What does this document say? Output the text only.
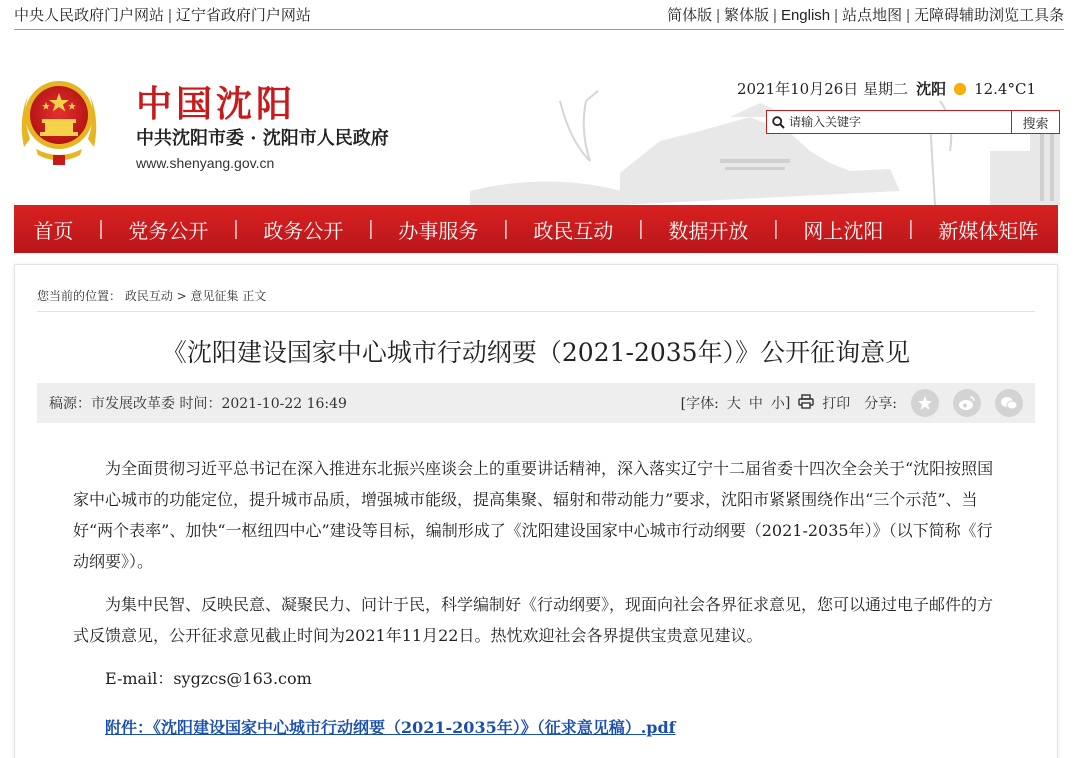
中央人民政府门户网站 | 辽宁省政府门户网站	简体版 | 繁体版 | English | 站点地图 | 无障碍辅助浏览工具条
中国沈阳
中共沈阳市委 · 沈阳市人民政府
www.shenyang.gov.cn
2021年10月26日 星期二 沈阳 12.4°C1
请输入关键字
搜索
首页	|	党务公开	|	政务公开	|	办事服务	|	政民互动	|	数据开放	|	网上沈阳	|	新媒体矩阵
您当前的位置： 政民互动 > 意见征集 正文
《沈阳建设国家中心城市行动纲要（2021-2035年）》公开征询意见
稿源：市发展改革委 时间：2021-10-22 16:49	[字体: 大 中 小 ] 打印 分享:

为全面贯彻习近平总书记在深入推进东北振兴座谈会上的重要讲话精神，深入落实辽宁十二届省委十四次全会关于“沈阳按照国家中心城市的功能定位，提升城市品质，增强城市能级，提高集聚、辐射和带动能力”要求，沈阳市紧紧围绕作出“三个示范”、当好“两个表率”、加快“一枢纽四中心”建设等目标，编制形成了《沈阳建设国家中心城市行动纲要（2021-2035年）》（以下简称《行动纲要》）。

为集中民智、反映民意、凝聚民力、问计于民，科学编制好《行动纲要》，现面向社会各界征求意见，您可以通过电子邮件的方式反馈意见，公开征求意见截止时间为2021年11月22日。热忱欢迎社会各界提供宝贵意见建议。

E-mail：sygzcs@163.com

附件：《沈阳建设国家中心城市行动纲要（2021-2035年）》（征求意见稿）.pdf
